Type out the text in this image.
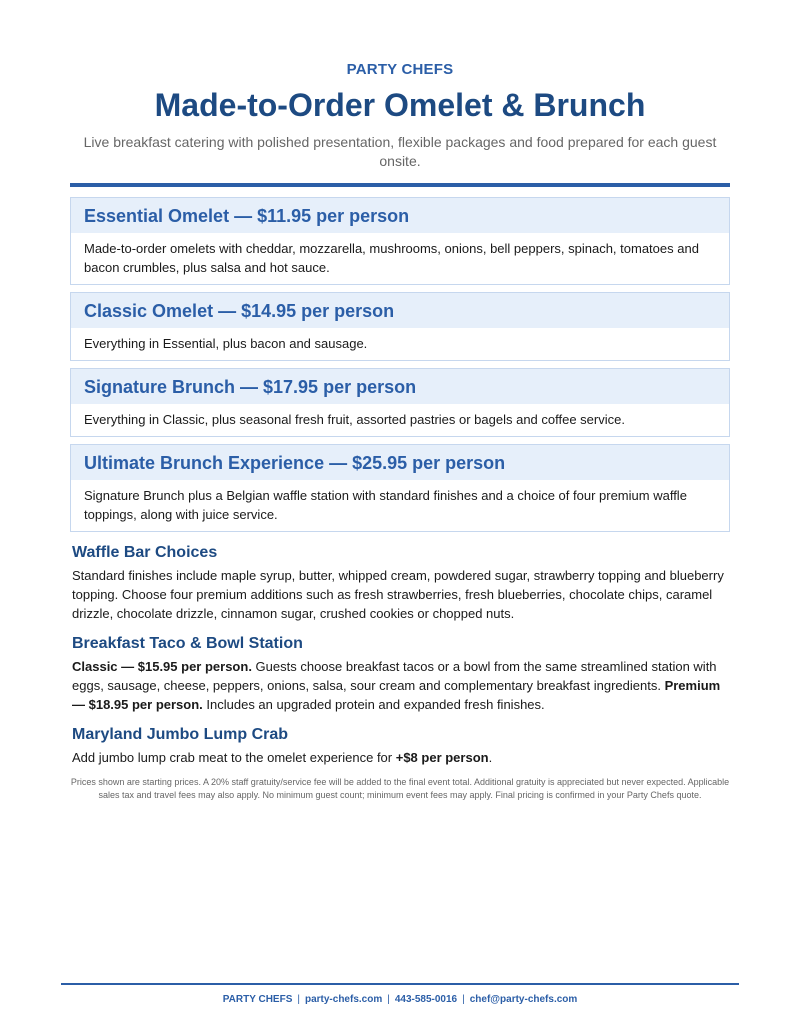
PARTY CHEFS
Made-to-Order Omelet & Brunch
Live breakfast catering with polished presentation, flexible packages and food prepared for each guest onsite.
Essential Omelet — $11.95 per person
Made-to-order omelets with cheddar, mozzarella, mushrooms, onions, bell peppers, spinach, tomatoes and bacon crumbles, plus salsa and hot sauce.
Classic Omelet — $14.95 per person
Everything in Essential, plus bacon and sausage.
Signature Brunch — $17.95 per person
Everything in Classic, plus seasonal fresh fruit, assorted pastries or bagels and coffee service.
Ultimate Brunch Experience — $25.95 per person
Signature Brunch plus a Belgian waffle station with standard finishes and a choice of four premium waffle toppings, along with juice service.
Waffle Bar Choices
Standard finishes include maple syrup, butter, whipped cream, powdered sugar, strawberry topping and blueberry topping. Choose four premium additions such as fresh strawberries, fresh blueberries, chocolate chips, caramel drizzle, chocolate drizzle, cinnamon sugar, crushed cookies or chopped nuts.
Breakfast Taco & Bowl Station
Classic — $15.95 per person. Guests choose breakfast tacos or a bowl from the same streamlined station with eggs, sausage, cheese, peppers, onions, salsa, sour cream and complementary breakfast ingredients. Premium — $18.95 per person. Includes an upgraded protein and expanded fresh finishes.
Maryland Jumbo Lump Crab
Add jumbo lump crab meat to the omelet experience for +$8 per person.
Prices shown are starting prices. A 20% staff gratuity/service fee will be added to the final event total. Additional gratuity is appreciated but never expected. Applicable sales tax and travel fees may also apply. No minimum guest count; minimum event fees may apply. Final pricing is confirmed in your Party Chefs quote.
PARTY CHEFS | party-chefs.com | 443-585-0016 | chef@party-chefs.com
